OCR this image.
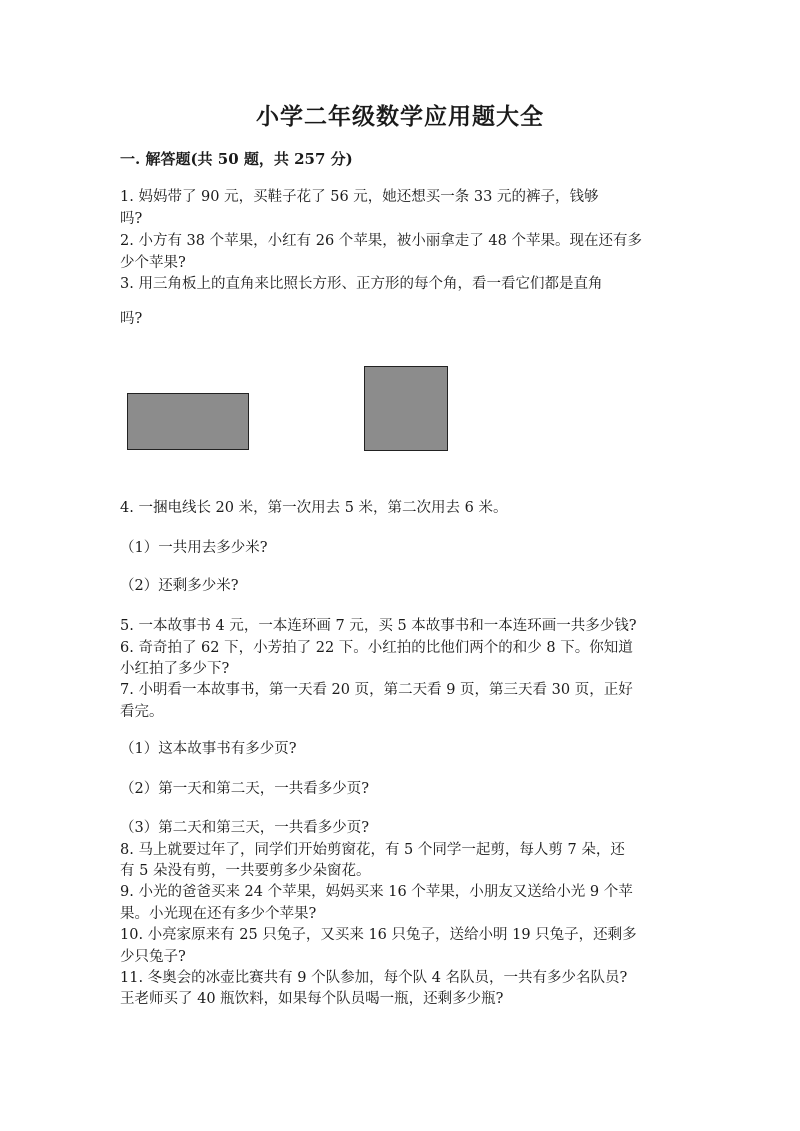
小学二年级数学应用题大全
一. 解答题(共 50 题，共 257 分)
1. 妈妈带了 90 元，买鞋子花了 56 元，她还想买一条 33 元的裤子，钱够
吗?
2. 小方有 38 个苹果，小红有 26 个苹果，被小丽拿走了 48 个苹果。现在还有多
少个苹果?
3. 用三角板上的直角来比照长方形、正方形的每个角，看一看它们都是直角
吗?
4. 一捆电线长 20 米，第一次用去 5 米，第二次用去 6 米。
（1）一共用去多少米?
（2）还剩多少米?
5. 一本故事书 4 元，一本连环画 7 元，买 5 本故事书和一本连环画一共多少钱?
6. 奇奇拍了 62 下，小芳拍了 22 下。小红拍的比他们两个的和少 8 下。你知道
小红拍了多少下?
7. 小明看一本故事书，第一天看 20 页，第二天看 9 页，第三天看 30 页，正好
看完。
（1）这本故事书有多少页?
（2）第一天和第二天，一共看多少页?
（3）第二天和第三天，一共看多少页?
8. 马上就要过年了，同学们开始剪窗花，有 5 个同学一起剪，每人剪 7 朵，还
有 5 朵没有剪，一共要剪多少朵窗花。
9. 小光的爸爸买来 24 个苹果，妈妈买来 16 个苹果，小朋友又送给小光 9 个苹
果。小光现在还有多少个苹果?
10. 小亮家原来有 25 只兔子，又买来 16 只兔子，送给小明 19 只兔子，还剩多
少只兔子?
11. 冬奥会的冰壶比赛共有 9 个队参加，每个队 4 名队员，一共有多少名队员?
王老师买了 40 瓶饮料，如果每个队员喝一瓶，还剩多少瓶?
